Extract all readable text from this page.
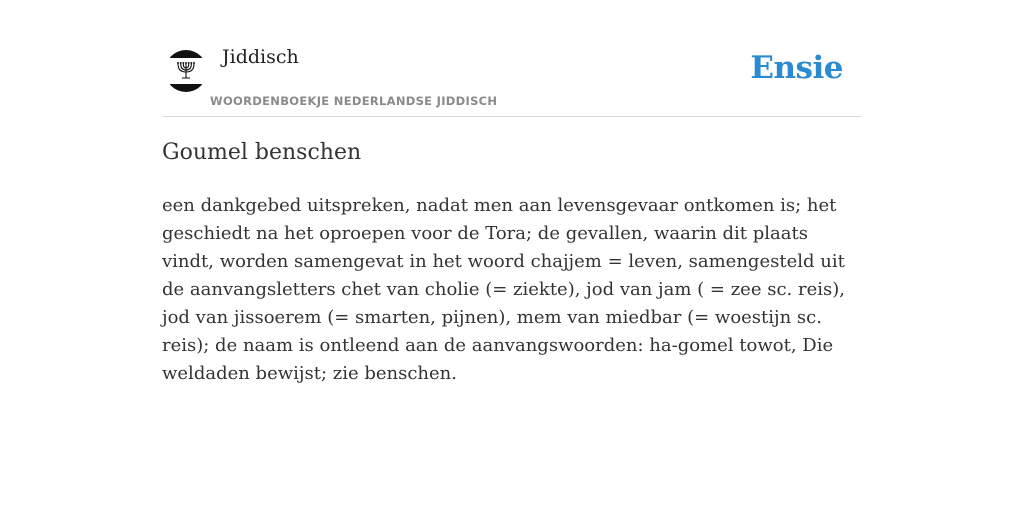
Jiddisch
WOORDENBOEKJE NEDERLANDSE JIDDISCH
Ensie
Goumel benschen

een dankgebed uitspreken, nadat men aan levensgevaar ontkomen is; het geschiedt na het oproepen voor de Tora; de gevallen, waarin dit plaats vindt, worden samengevat in het woord chajjem = leven, samengesteld uit de aanvangsletters chet van cholie (= ziekte), jod van jam ( = zee sc. reis), jod van jissoerem (= smarten, pijnen), mem van miedbar (= woestijn sc. reis); de naam is ontleend aan de aanvangswoorden: ha-gomel towot, Die weldaden bewijst; zie benschen.
